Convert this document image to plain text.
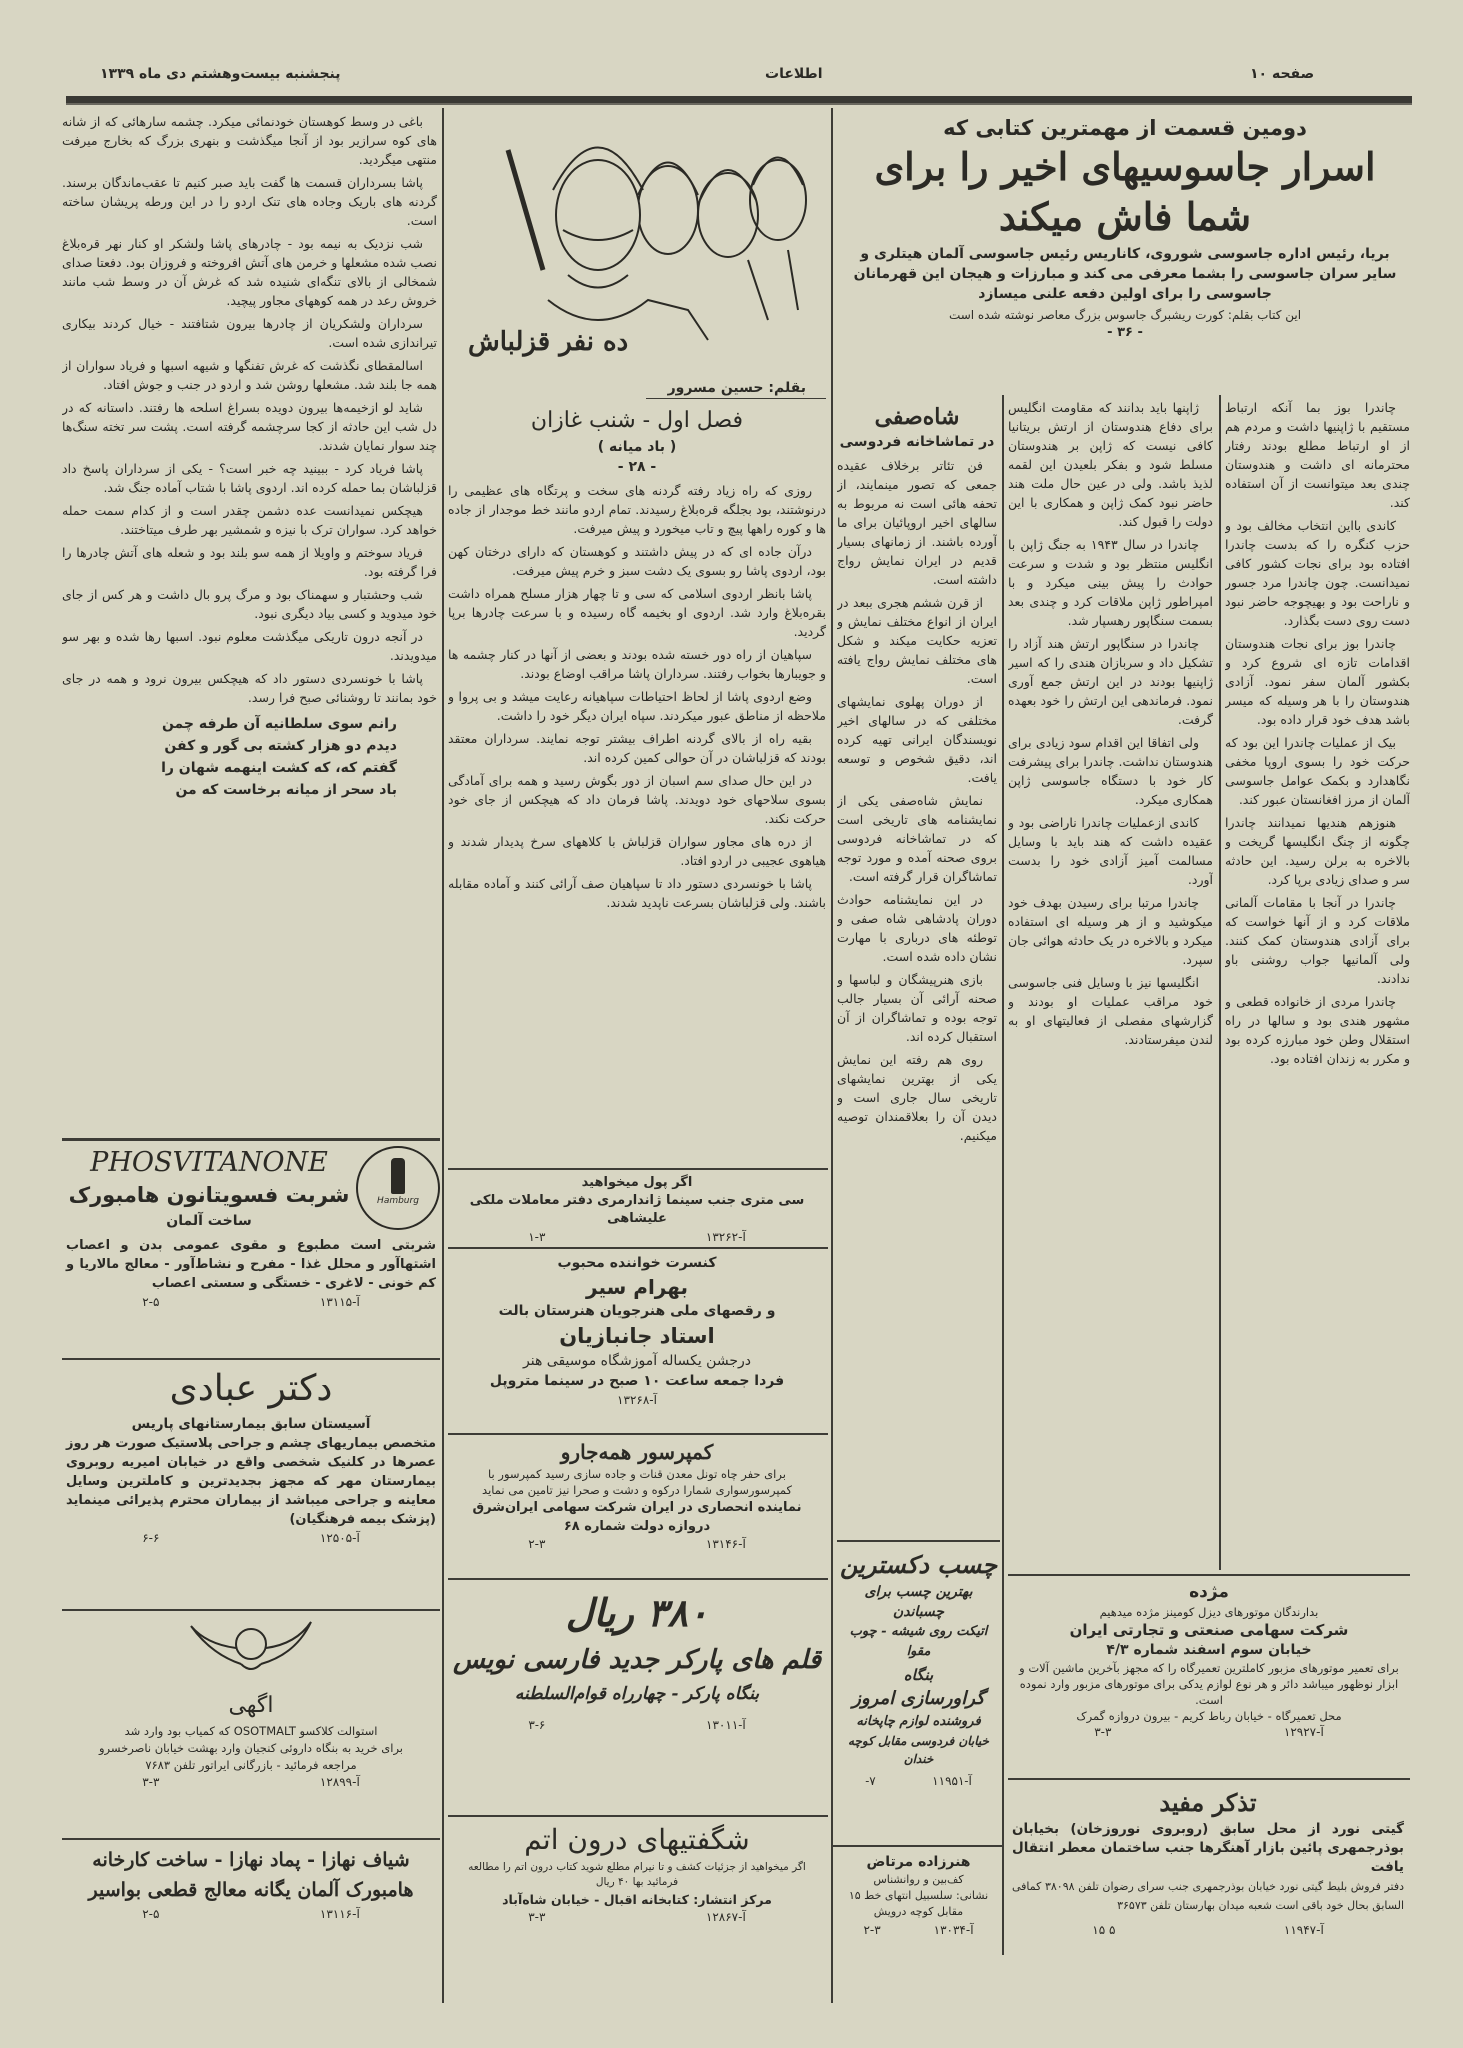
صفحه ۱۰
اطلاعات
پنجشنبه بیست‌وهشتم دی ماه ۱۳۳۹
دومین قسمت از مهمترین کتابی که
اسرار جاسوسیهای اخیر را برای
شما فاش میکند
بریا، رئیس اداره جاسوسی شوروی، کاناریس رئیس جاسوسی آلمان هیتلری و سایر سران جاسوسی را بشما معرفی می کند و مبارزات و هیجان این قهرمانان جاسوسی را برای اولین دفعه علنی میسازد
این کتاب بقلم: کورت ریشبرگ جاسوس بزرگ معاصر نوشته شده است
- ۳۶ -

چاندرا بوز بما آنکه ارتباط مستقیم با ژاپنیها داشت و مردم هم از او ارتباط مطلع بودند رفتار محترمانه ای داشت و هندوستان چندی بعد میتوانست از آن استفاده کند.

کاندی بااین انتخاب مخالف بود و حزب کنگره را که بدست چاندرا افتاده بود برای نجات کشور کافی نمیدانست. چون چاندرا مرد جسور و ناراحت بود و بهیچوجه حاضر نبود دست روی دست بگذارد.

چاندرا بوز برای نجات هندوستان اقدامات تازه ای شروع کرد و بکشور آلمان سفر نمود. آزادی هندوستان را با هر وسیله که میسر باشد هدف خود قرار داده بود.

بیک از عملیات چاندرا این بود که حرکت خود را بسوی اروپا مخفی نگاهدارد و بکمک عوامل جاسوسی آلمان از مرز افغانستان عبور کند.

هنوزهم هندیها نمیدانند چاندرا چگونه از چنگ انگلیسها گریخت و بالاخره به برلن رسید. این حادثه سر و صدای زیادی برپا کرد.

چاندرا در آنجا با مقامات آلمانی ملاقات کرد و از آنها خواست که برای آزادی هندوستان کمک کنند. ولی آلمانیها جواب روشنی باو ندادند.

چاندرا مردی از خانواده قطعی و مشهور هندی بود و سالها در راه استقلال وطن خود مبارزه کرده بود و مکرر به زندان افتاده بود.

ژاپنها باید بدانند که مقاومت انگلیس برای دفاع هندوستان از ارتش بریتانیا کافی نیست که ژاپن بر هندوستان مسلط شود و بفکر بلعیدن این لقمه لذیذ باشد. ولی در عین حال ملت هند حاضر نبود کمک ژاپن و همکاری با این دولت را قبول کند.

چاندرا در سال ۱۹۴۳ به جنگ ژاپن با انگلیس منتظر بود و شدت و سرعت حوادث را پیش بینی میکرد و با امپراطور ژاپن ملاقات کرد و چندی بعد بسمت سنگاپور رهسپار شد.

چاندرا در سنگاپور ارتش هند آزاد را تشکیل داد و سربازان هندی را که اسیر ژاپنیها بودند در این ارتش جمع آوری نمود. فرماندهی این ارتش را خود بعهده گرفت.

ولی اتفاقا این اقدام سود زیادی برای هندوستان نداشت. چاندرا برای پیشرفت کار خود با دستگاه جاسوسی ژاپن همکاری میکرد.

کاندی ازعملیات چاندرا ناراضی بود و عقیده داشت که هند باید با وسایل مسالمت آمیز آزادی خود را بدست آورد.

چاندرا مرتبا برای رسیدن بهدف خود میکوشید و از هر وسیله ای استفاده میکرد و بالاخره در یک حادثه هوائی جان سپرد.

انگلیسها نیز با وسایل فنی جاسوسی خود مراقب عملیات او بودند و گزارشهای مفصلی از فعالیتهای او به لندن میفرستادند.

شاه‌صفی
در تماشاخانه فردوسی

فن تئاتر برخلاف عقیده جمعی که تصور مینمایند، از تحفه هائی است نه مربوط به سالهای اخیر اروپائیان برای ما آورده باشند. از زمانهای بسیار قدیم در ایران نمایش رواج داشته است.

از قرن ششم هجری ببعد در ایران از انواع مختلف نمایش و تعزیه حکایت میکند و شکل های مختلف نمایش رواج یافته است.

از دوران پهلوی نمایشهای مختلفی که در سالهای اخیر نویسندگان ایرانی تهیه کرده اند، دقیق شخوص و توسعه یافت.

نمایش شاه‌صفی یکی از نمایشنامه های تاریخی است که در تماشاخانه فردوسی بروی صحنه آمده و مورد توجه تماشاگران قرار گرفته است.

در این نمایشنامه حوادث دوران پادشاهی شاه صفی و توطئه های درباری با مهارت نشان داده شده است.

بازی هنرپیشگان و لباسها و صحنه آرائی آن بسیار جالب توجه بوده و تماشاگران از آن استقبال کرده اند.

روی هم رفته این نمایش یکی از بهترین نمایشهای تاریخی سال جاری است و دیدن آن را بعلاقمندان توصیه میکنیم.

چسب دکسترین
بهترین چسب برای چسباندن
اتیکت روی شیشه - چوب مقوا
بنگاه
گراورسازی امروز
فروشنده لوازم چاپخانه
خیابان فردوسی مقابل کوچه خندان
آ-۱۱۹۵۱
۷-
هنرزاده مرتاض
کف‌بین و روانشناس
نشانی: سلسبیل انتهای خط ۱۵
مقابل کوچه درویش
آ-۱۳۰۳۴
۲-۳
مژده
بدارندگان موتورهای دیزل کومینز مژده میدهیم
شرکت سهامی صنعتی و تجارتی ایران
خیابان سوم اسفند شماره ۴/۳
برای تعمیر موتورهای مزبور کاملترین تعمیرگاه را که مجهز بآخرین ماشین آلات و ابزار نوظهور میباشد دائر و هر نوع لوازم یدکی برای موتورهای مزبور وارد نموده است.
محل تعمیرگاه - خیابان رباط کریم - بیرون دروازه گمرک
آ-۱۲۹۲۷
۳-۳
تذکر مفید
گیتی نورد از محل سابق (روبروی نوروزخان) بخیابان بوذرجمهری پائین بازار آهنگرها جنب ساختمان معطر انتقال یافت
دفتر فروش بلیط گیتی نورد خیابان بوذرجمهری جنب سرای رضوان تلفن ۳۸۰۹۸ کمافی السابق بحال خود باقی است شعبه میدان بهارستان تلفن ۳۶۵۷۳
آ-۱۱۹۴۷
۵ ۱۵
ده نفر قزلباش
بقلم: حسین مسرور
فصل اول - شنب غازان
( باد میانه )
- ۲۸ -

روزی که راه زیاد رفته گردنه های سخت و پرتگاه های عظیمی را درنوشتند، بود بجلگه قره‌بلاغ رسیدند. تمام اردو مانند خط موجدار از جاده ها و کوره راهها پیچ و تاب میخورد و پیش میرفت.

درآن جاده ای که در پیش داشتند و کوهستان که دارای درختان کهن بود، اردوی پاشا رو بسوی یک دشت سبز و خرم پیش میرفت.

پاشا بانظر اردوی اسلامی که سی و تا چهار هزار مسلح همراه داشت بقره‌بلاغ وارد شد. اردوی او بخیمه گاه رسیده و با سرعت چادرها برپا گردید.

سپاهیان از راه دور خسته شده بودند و بعضی از آنها در کنار چشمه ها و جویبارها بخواب رفتند. سرداران پاشا مراقب اوضاع بودند.

وضع اردوی پاشا از لحاظ احتیاطات سپاهیانه رعایت میشد و بی پروا و ملاحظه از مناطق عبور میکردند. سپاه ایران دیگر خود را داشت.

بقیه راه از بالای گردنه اطراف بیشتر توجه نمایند. سرداران معتقد بودند که قزلباشان در آن حوالی کمین کرده اند.

در این حال صدای سم اسبان از دور بگوش رسید و همه برای آمادگی بسوی سلاحهای خود دویدند. پاشا فرمان داد که هیچکس از جای خود حرکت نکند.

از دره های مجاور سواران قزلباش با کلاههای سرخ پدیدار شدند و هیاهوی عجیبی در اردو افتاد.

پاشا با خونسردی دستور داد تا سپاهیان صف آرائی کنند و آماده مقابله باشند. ولی قزلباشان بسرعت ناپدید شدند.

اگر پول میخواهید
سی متری جنب سینما ژاندارمری دفتر معاملات ملکی علیشاهی
آ-۱۳۲۶۲
۱-۳
کنسرت خواننده محبوب
بهرام سیر
و رقصهای ملی هنرجویان هنرستان بالت
استاد جانبازیان
درجشن یکساله آموزشگاه موسیقی هنر
فردا جمعه ساعت ۱۰ صبح در سینما متروپل
آ-۱۳۲۶۸
کمپرسور همه‌جارو
برای حفر چاه تونل معدن قنات و جاده سازی رسید کمپرسور با کمپرسورسواری شمارا درکوه و دشت و صحرا نیز تامین می نماید
نماینده انحصاری در ایران شرکت سهامی ایران‌شرق
دروازه دولت شماره ۶۸
آ-۱۳۱۴۶
۲-۳
۳۸۰ ریال
قلم های پارکر جدید فارسی نویس
بنگاه پارکر - چهارراه قوام‌السلطنه
آ-۱۳۰۱۱
۳-۶
شگفتیهای درون اتم
اگر میخواهید از جزئیات کشف و تا نیرام مطلع شوید کتاب درون اتم را مطالعه فرمائید بها ۴۰ ریال
مرکز انتشار: کتابخانه اقبال - خیابان شاه‌آباد
آ-۱۲۸۶۷
۳-۳

باغی در وسط کوهستان خودنمائی میکرد. چشمه سارهائی که از شانه های کوه سرازیر بود از آنجا میگذشت و بنهری بزرگ که بخارج میرفت منتهی میگردید.

پاشا بسرداران قسمت ها گفت باید صبر کنیم تا عقب‌ماندگان برسند. گردنه های باریک وجاده های تنک اردو را در این ورطه پریشان ساخته است.

شب نزدیک به نیمه بود - چادرهای پاشا ولشکر او کنار نهر قره‌بلاغ نصب شده مشعلها و خرمن های آتش افروخته و فروزان بود. دفعتا صدای شمخالی از بالای تنگه‌ای شنیده شد که غرش آن در وسط شب مانند خروش رعد در همه کوههای مجاور پیچید.

سرداران ولشکریان از چادرها بیرون شتافتند - خیال کردند بیکاری تیراندازی شده است.

اسالمقطای نگذشت که غرش تفنگها و شیهه اسبها و فریاد سواران از همه جا بلند شد. مشعلها روشن شد و اردو در جنب و جوش افتاد.

شاید لو ازخیمه‌ها بیرون دویده بسراغ اسلحه ها رفتند. داستانه که در دل شب این حادثه از کجا سرچشمه گرفته است. پشت سر تخته سنگ‌ها چند سوار نمایان شدند.

پاشا فریاد کرد - ببینید چه خبر است؟ - یکی از سرداران پاسخ داد قزلباشان بما حمله کرده اند. اردوی پاشا با شتاب آماده جنگ شد.

هیچکس نمیدانست عده دشمن چقدر است و از کدام سمت حمله خواهد کرد. سواران ترک با نیزه و شمشیر بهر طرف میتاختند.

فریاد سوختم و واویلا از همه سو بلند بود و شعله های آتش چادرها را فرا گرفته بود.

شب وحشتبار و سهمناک بود و مرگ پرو بال داشت و هر کس از جای خود میدوید و کسی بیاد دیگری نبود.

در آنجه درون تاریکی میگذشت معلوم نبود. اسبها رها شده و بهر سو میدویدند.

پاشا با خونسردی دستور داد که هیچکس بیرون نرود و همه در جای خود بمانند تا روشنائی صبح فرا رسد.

رانم سوی سلطانیه آن طرفه چمن
دیدم دو هزار کشته بی گور و کفن
گفتم که، که کشت اینهمه شهان را
باد سحر از میانه برخاست که من
Hamburg
PHOSVITANONE
شربت فسویتانون هامبورک
ساخت آلمان
شربتی است مطبوع و مقوی عمومی بدن و اعصاب اشتهاآور و محلل غذا - مفرح و نشاط‌آور - معالج مالاریا و کم خونی - لاغری - خستگی و سستی اعصاب
آ-۱۳۱۱۵
۲-۵
دکتر عبادی
آسیستان سابق بیمارستانهای پاریس
متخصص بیماریهای چشم و جراحی پلاستیک صورت هر روز عصرها در کلنیک شخصی واقع در خیابان امیریه روبروی بیمارستان مهر که مجهز بجدیدترین و کاملترین وسایل معاینه و جراحی میباشد از بیماران محترم پذیرائی مینماید (پزشک بیمه فرهنگیان)
آ-۱۲۵۰۵
۶-۶
اگهی
استوالت کلاکسو OSOTMALT که کمیاب بود وارد شد
برای خرید به بنگاه داروئی کنجیان وارد بهشت خیابان ناصرخسرو
مراجعه فرمائید - بازرگانی ایراتور تلفن ۷۶۸۳
آ-۱۲۸۹۹
۳-۳
شیاف نهازا - پماد نهازا - ساخت کارخانه
هامبورک آلمان یگانه معالج قطعی بواسیر
آ-۱۳۱۱۶
۲-۵
